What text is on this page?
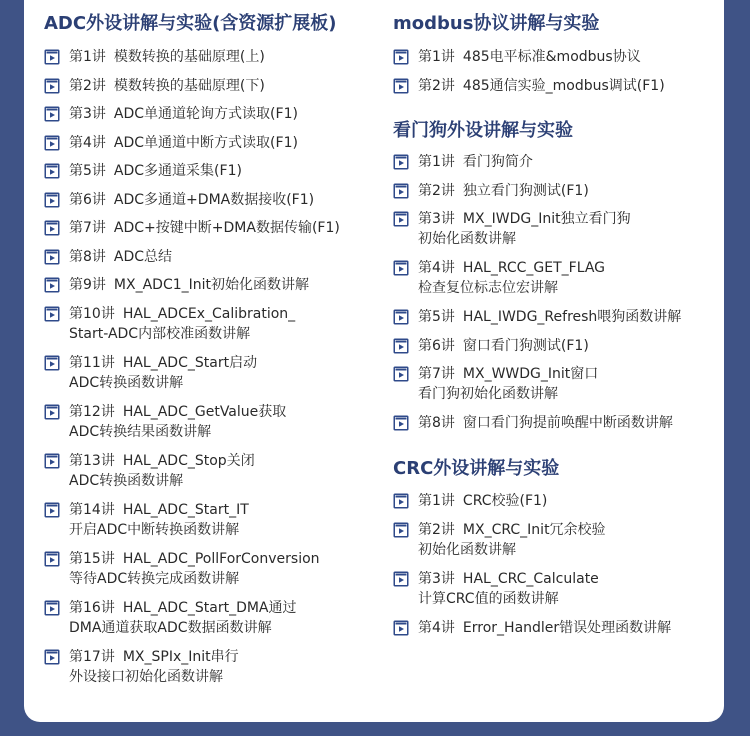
ADC外设讲解与实验(含资源扩展板)
第1讲 模数转换的基础原理(上)
第2讲 模数转换的基础原理(下)
第3讲 ADC单通道轮询方式读取(F1)
第4讲 ADC单通道中断方式读取(F1)
第5讲 ADC多通道采集(F1)
第6讲 ADC多通道+DMA数据接收(F1)
第7讲 ADC+按键中断+DMA数据传输(F1)
第8讲 ADC总结
第9讲 MX_ADC1_Init初始化函数讲解
第10讲 HAL_ADCEx_Calibration_
Start-ADC内部校准函数讲解
第11讲 HAL_ADC_Start启动
ADC转换函数讲解
第12讲 HAL_ADC_GetValue获取
ADC转换结果函数讲解
第13讲 HAL_ADC_Stop关闭
ADC转换函数讲解
第14讲 HAL_ADC_Start_IT
开启ADC中断转换函数讲解
第15讲 HAL_ADC_PollForConversion
等待ADC转换完成函数讲解
第16讲 HAL_ADC_Start_DMA通过
DMA通道获取ADC数据函数讲解
第17讲 MX_SPIx_Init串行
外设接口初始化函数讲解
modbus协议讲解与实验
第1讲 485电平标准&modbus协议
第2讲 485通信实验_modbus调试(F1)
看门狗外设讲解与实验
第1讲 看门狗简介
第2讲 独立看门狗测试(F1)
第3讲 MX_IWDG_Init独立看门狗
初始化函数讲解
第4讲 HAL_RCC_GET_FLAG
检查复位标志位宏讲解
第5讲 HAL_IWDG_Refresh喂狗函数讲解
第6讲 窗口看门狗测试(F1)
第7讲 MX_WWDG_Init窗口
看门狗初始化函数讲解
第8讲 窗口看门狗提前唤醒中断函数讲解
CRC外设讲解与实验
第1讲 CRC校验(F1)
第2讲 MX_CRC_Init冗余校验
初始化函数讲解
第3讲 HAL_CRC_Calculate
计算CRC值的函数讲解
第4讲 Error_Handler错误处理函数讲解
